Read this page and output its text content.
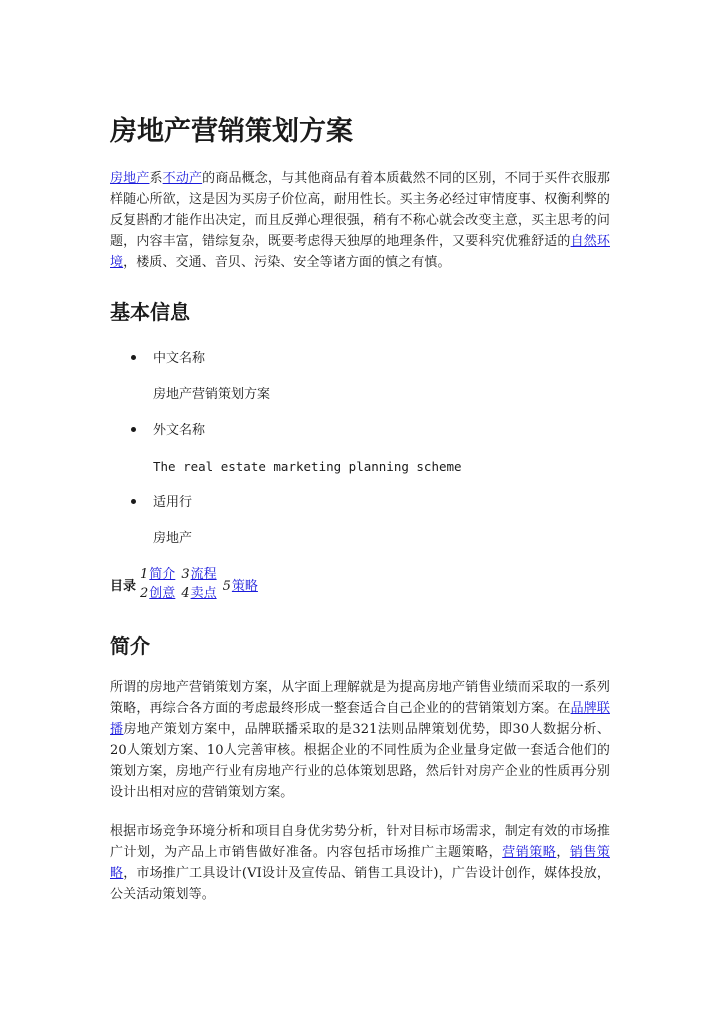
房地产营销策划方案

房地产系不动产的商品概念，与其他商品有着本质截然不同的区别，不同于买件衣服那样随心所欲，这是因为买房子价位高，耐用性长。买主务必经过审情度事、权衡利弊的反复斟酌才能作出决定，而且反弹心理很强，稍有不称心就会改变主意，买主思考的问题，内容丰富，错综复杂，既要考虑得天独厚的地理条件，又要科究优雅舒适的自然环境，楼质、交通、音贝、污染、安全等诸方面的慎之有慎。

基本信息
中文名称
房地产营销策划方案
外文名称
The real estate marketing planning scheme
适用行
房地产
目录
1简介 3流程
2创意 4卖点 5策略
简介

所谓的房地产营销策划方案，从字面上理解就是为提高房地产销售业绩而采取的一系列策略，再综合各方面的考虑最终形成一整套适合自己企业的的营销策划方案。在品牌联播房地产策划方案中，品牌联播采取的是321法则品牌策划优势，即30人数据分析、20人策划方案、10人完善审核。根据企业的不同性质为企业量身定做一套适合他们的策划方案，房地产行业有房地产行业的总体策划思路，然后针对房产企业的性质再分别设计出相对应的营销策划方案。

根据市场竞争环境分析和项目自身优劣势分析，针对目标市场需求，制定有效的市场推广计划，为产品上市销售做好准备。内容包括市场推广主题策略，营销策略，销售策略，市场推广工具设计(VI设计及宣传品、销售工具设计)，广告设计创作，媒体投放，公关活动策划等。
